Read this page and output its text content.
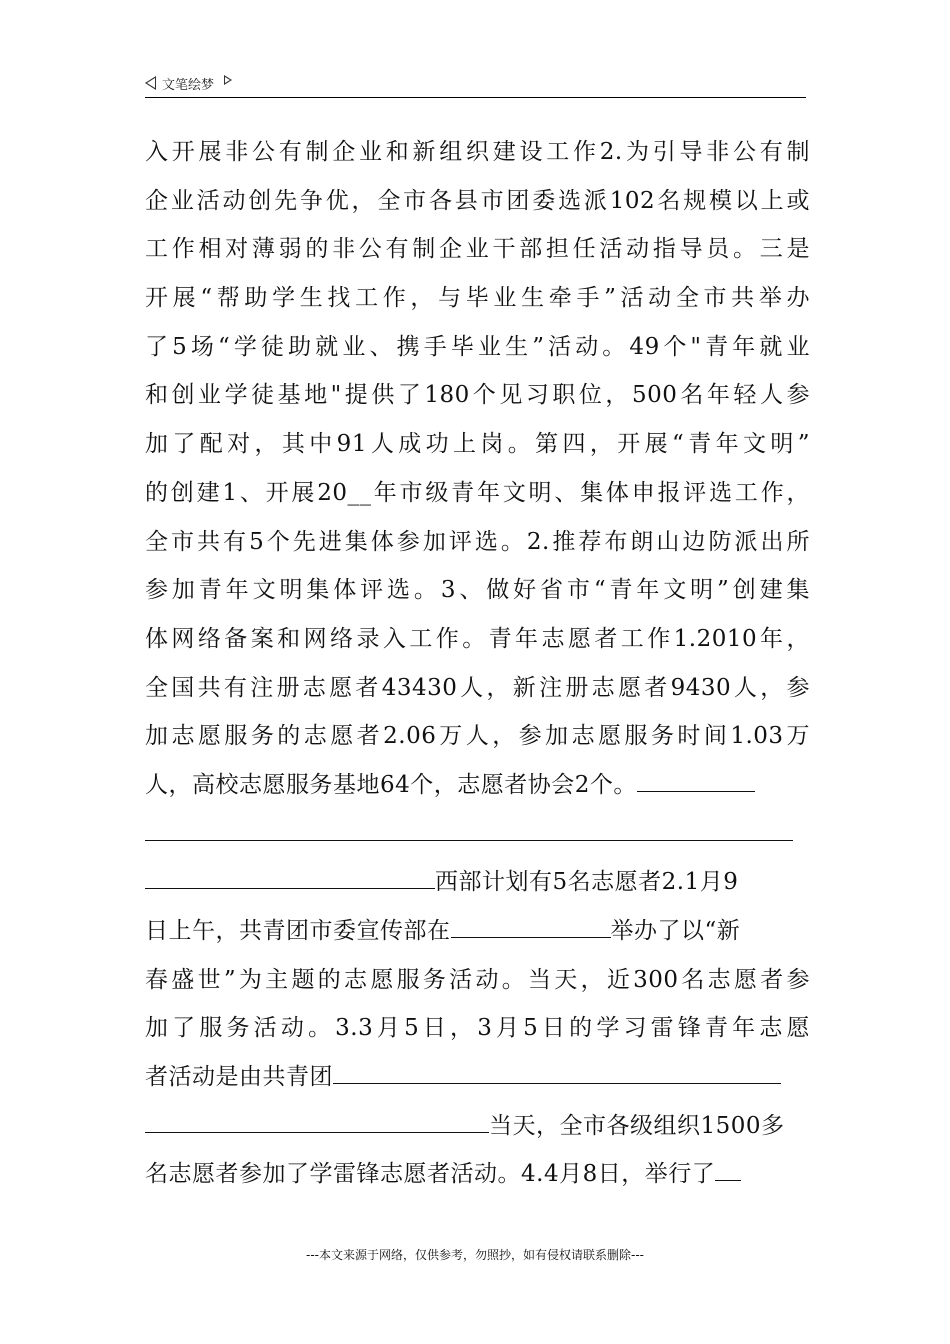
文笔绘梦
入开展非公有制企业和新组织建设工作2.为引导非公有制
企业活动创先争优，全市各县市团委选派102名规模以上或
工作相对薄弱的非公有制企业干部担任活动指导员。三是
开展“帮助学生找工作，与毕业生牵手”活动全市共举办
了5场“学徒助就业、携手毕业生”活动。49个"青年就业
和创业学徒基地"提供了180个见习职位，500名年轻人参
加了配对，其中91人成功上岗。第四，开展“青年文明”
的创建1、开展20__年市级青年文明、集体申报评选工作，
全市共有5个先进集体参加评选。2.推荐布朗山边防派出所
参加青年文明集体评选。3、做好省市“青年文明”创建集
体网络备案和网络录入工作。青年志愿者工作1.2010年，
全国共有注册志愿者43430人，新注册志愿者9430人，参
加志愿服务的志愿者2.06万人，参加志愿服务时间1.03万
人，高校志愿服务基地64个，志愿者协会2个。
西部计划有5名志愿者2.1月9
日上午，共青团市委宣传部在	举办了以“新
春盛世”为主题的志愿服务活动。当天，近300名志愿者参
加了服务活动。3.3月5日，3月5日的学习雷锋青年志愿
者活动是由共青团
当天，全市各级组织1500多
名志愿者参加了学雷锋志愿者活动。4.4月8日，举行了
---本文来源于网络，仅供参考，勿照抄，如有侵权请联系删除---
